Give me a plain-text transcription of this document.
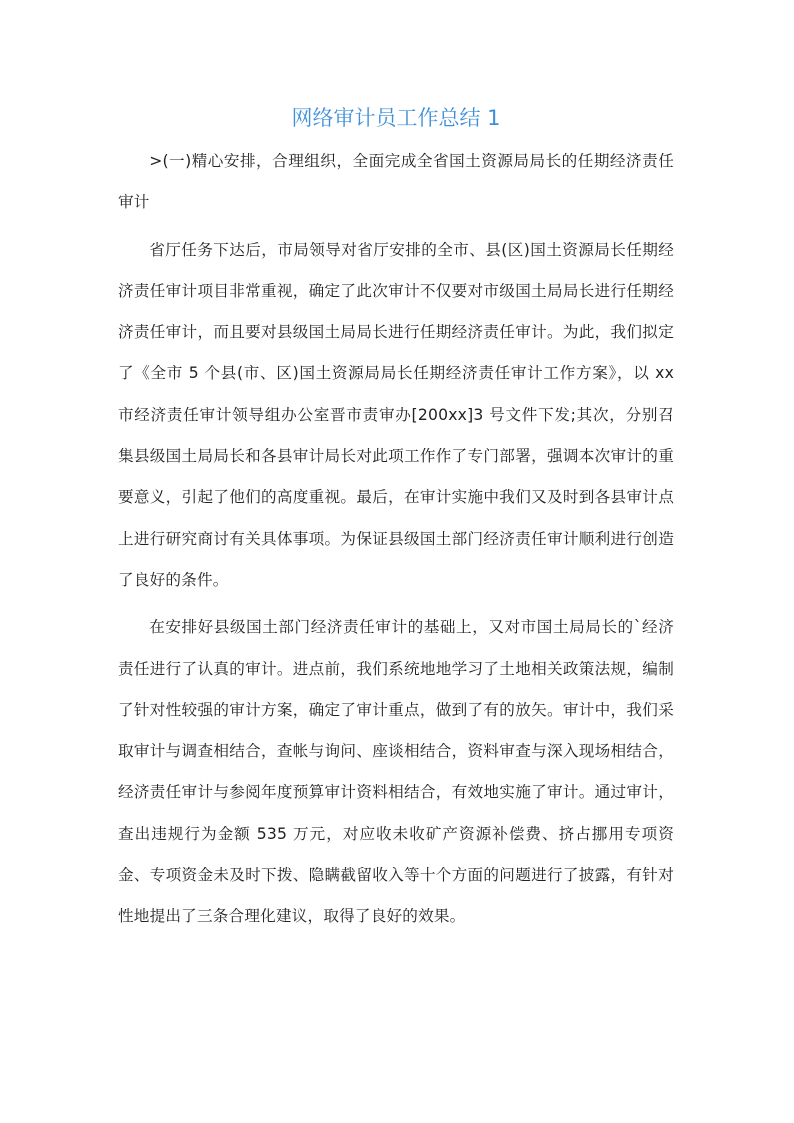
网络审计员工作总结 1

>(一)精心安排，合理组织，全面完成全省国土资源局局长的任期经济责任审计

省厅任务下达后，市局领导对省厅安排的全市、县(区)国土资源局长任期经济责任审计项目非常重视，确定了此次审计不仅要对市级国土局局长进行任期经济责任审计，而且要对县级国土局局长进行任期经济责任审计。为此，我们拟定了《全市 5 个县(市、区)国土资源局局长任期经济责任审计工作方案》，以 xx 市经济责任审计领导组办公室晋市责审办[200xx]3 号文件下发;其次，分别召集县级国土局局长和各县审计局长对此项工作作了专门部署，强调本次审计的重要意义，引起了他们的高度重视。最后，在审计实施中我们又及时到各县审计点上进行研究商讨有关具体事项。为保证县级国土部门经济责任审计顺利进行创造了良好的条件。

在安排好县级国土部门经济责任审计的基础上，又对市国土局局长的`经济责任进行了认真的审计。进点前，我们系统地地学习了土地相关政策法规，编制了针对性较强的审计方案，确定了审计重点，做到了有的放矢。审计中，我们采取审计与调查相结合，查帐与询问、座谈相结合，资料审查与深入现场相结合，经济责任审计与参阅年度预算审计资料相结合，有效地实施了审计。通过审计，查出违规行为金额 535 万元，对应收未收矿产资源补偿费、挤占挪用专项资金、专项资金未及时下拨、隐瞒截留收入等十个方面的问题进行了披露，有针对性地提出了三条合理化建议，取得了良好的效果。
